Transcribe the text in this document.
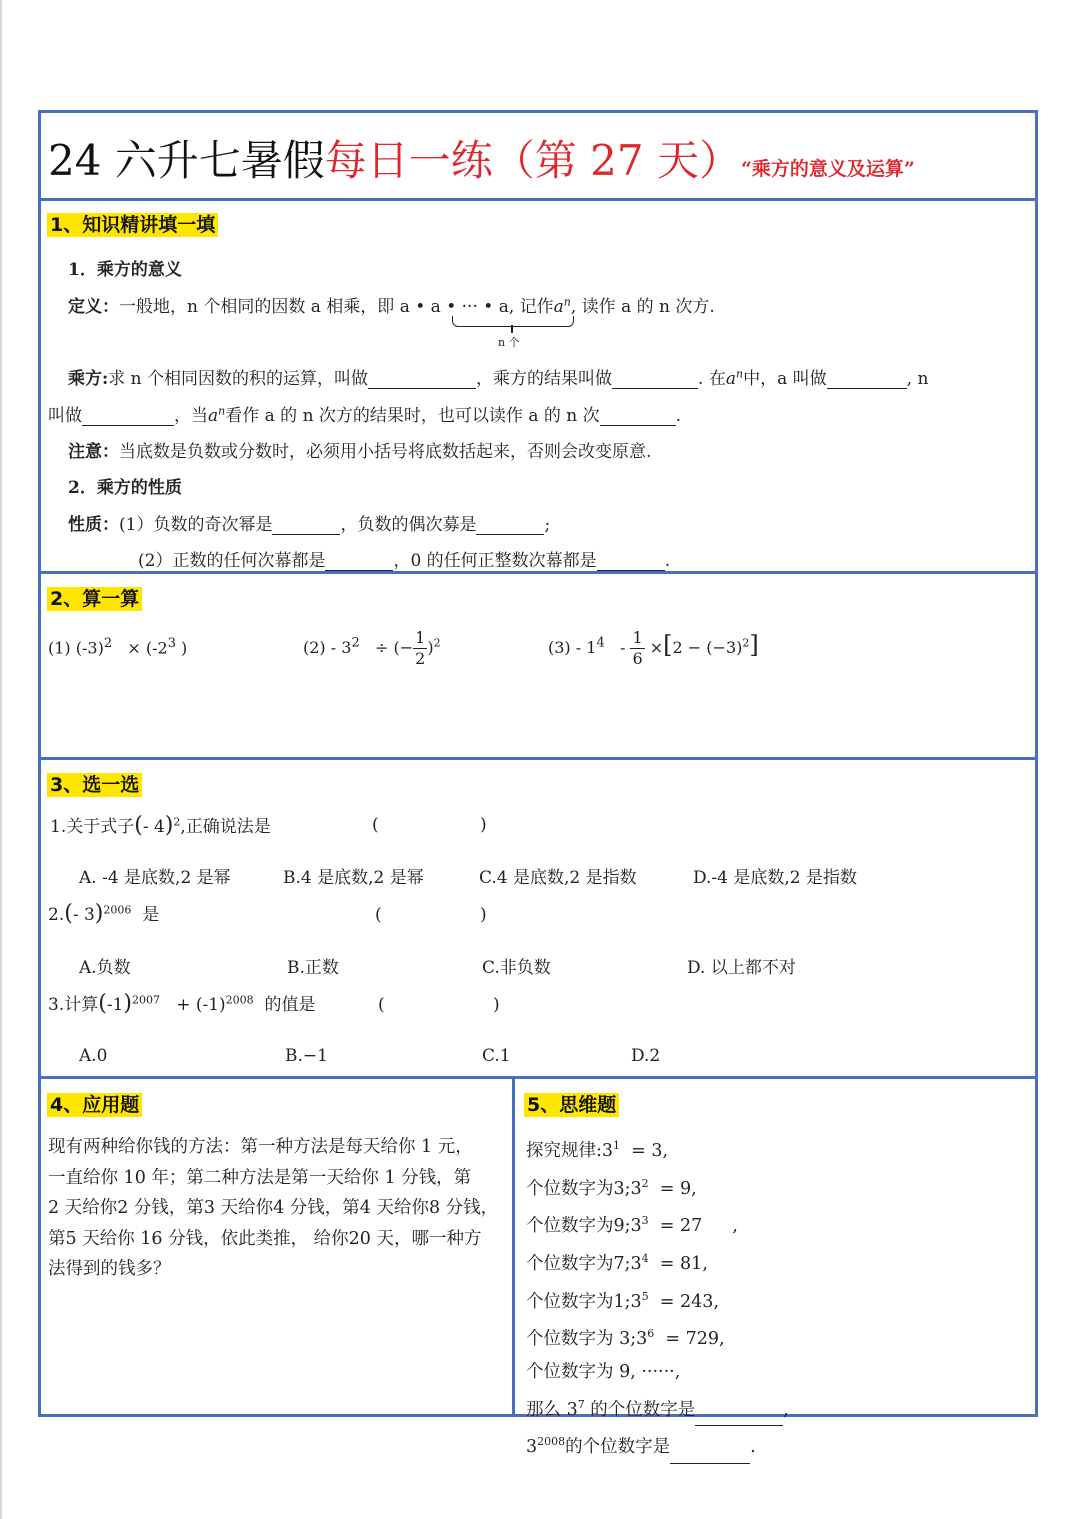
24 六升七暑假每日一练（第 27 天）“乘方的意义及运算”
1、知识精讲填一填
1．乘方的意义
定义：一般地，n 个相同的因数 a 相乘，即 a • a • ··· • a, 记作$a^n$, 读作 a 的 n 次方.
n 个
乘方:求 n 个相同因数的积的运算，叫做	，乘方的结果叫做	. 在$a^n$中，a 叫做	, n
叫做	，当$a^n$看作 a 的 n 次方的结果时，也可以读作 a 的 n 次	.
注意：当底数是负数或分数时，必须用小括号将底数括起来，否则会改变原意.
2．乘方的性质
性质：(1）负数的奇次幂是	，负数的偶次募是	;
(2）正数的任何次幕都是	，0 的任何正整数次幕都是	.
2、算一算
(1) $(-3)^2 \times (-2^3$ )	$(2) - 3^2$   ÷ (− $\frac{1}{2} )^2$	$(3) - 1^4 - \frac{1}{6} \times[2 - (-3)^2]$
3、选一选
1.关于式子(- 4)$^2$,正确说法是	(	)
A. -4 是底数,2 是幂	B.4 是底数,2 是幂	C.4 是底数,2 是指数	D.-4 是底数,2 是指数
2.(- 3)$^{2006}$ 是	(	)
A.负数	B.正数	C.非负数	D. 以上都不对
3.计算$(-1)^{2007} + (-1)^{2008}$ 的值是	(	)
A.0	B.−1	C.1	D.2
4、应用题
现有两种给你钱的方法：第一种方法是每天给你 1 元，
一直给你 10 年；第二种方法是第一天给你 1 分钱，第
2 天给你2 分钱，第3 天给你4 分钱，第4 天给你8 分钱，
第5 天给你 16 分钱，依此类推， 给你20 天，哪一种方
法得到的钱多？
5、思维题
探究规律$:3^1 = 3$,
个位数字为$3;3^2 = 9$,
个位数字为$9;3^3 = 27$ ,
个位数字为$7;3^4 = 81$,
个位数字为$1;3^5 = 243$,
个位数字为 $3;3^6 = 729$,
个位数字为 9, ······,
那么 $3^7$ 的个位数字是	,
$3^{2008}$的个位数字是	.
